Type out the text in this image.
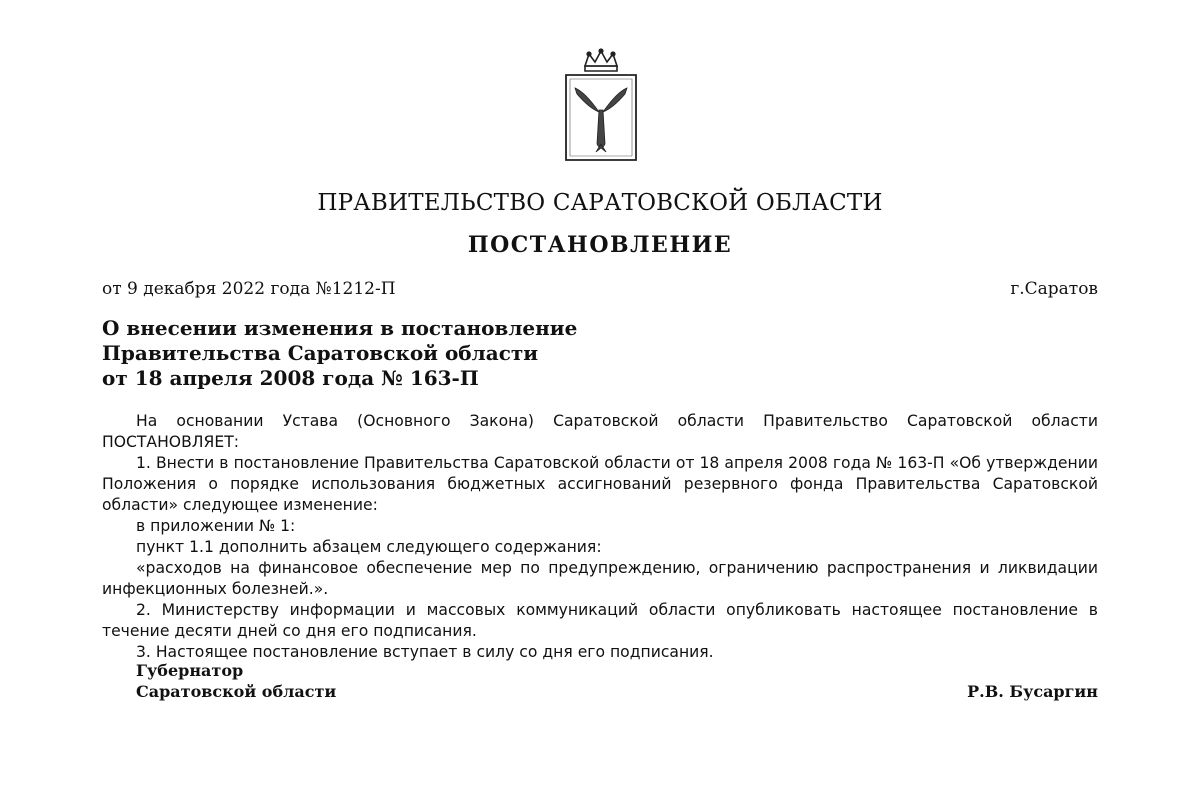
ПРАВИТЕЛЬСТВО САРАТОВСКОЙ ОБЛАСТИ
ПОСТАНОВЛЕНИЕ
от 9 декабря 2022 года №1212-П	г.Саратов
О внесении изменения в постановление
Правительства Саратовской области
от 18 апреля 2008 года № 163-П

На основании Устава (Основного Закона) Саратовской области Правительство Саратовской области ПОСТАНОВЛЯЕТ:

1. Внести в постановление Правительства Саратовской области от 18 апреля 2008 года № 163-П «Об утверждении Положения о порядке использования бюджетных ассигнований резервного фонда Правительства Саратовской области» следующее изменение:

в приложении № 1:

пункт 1.1 дополнить абзацем следующего содержания:

«расходов на финансовое обеспечение мер по предупреждению, ограничению распространения и ликвидации инфекционных болезней.».

2. Министерству информации и массовых коммуникаций области опубликовать настоящее постановление в течение десяти дней со дня его подписания.

3. Настоящее постановление вступает в силу со дня его подписания.

Губернатор
Саратовской области	Р.В. Бусаргин
